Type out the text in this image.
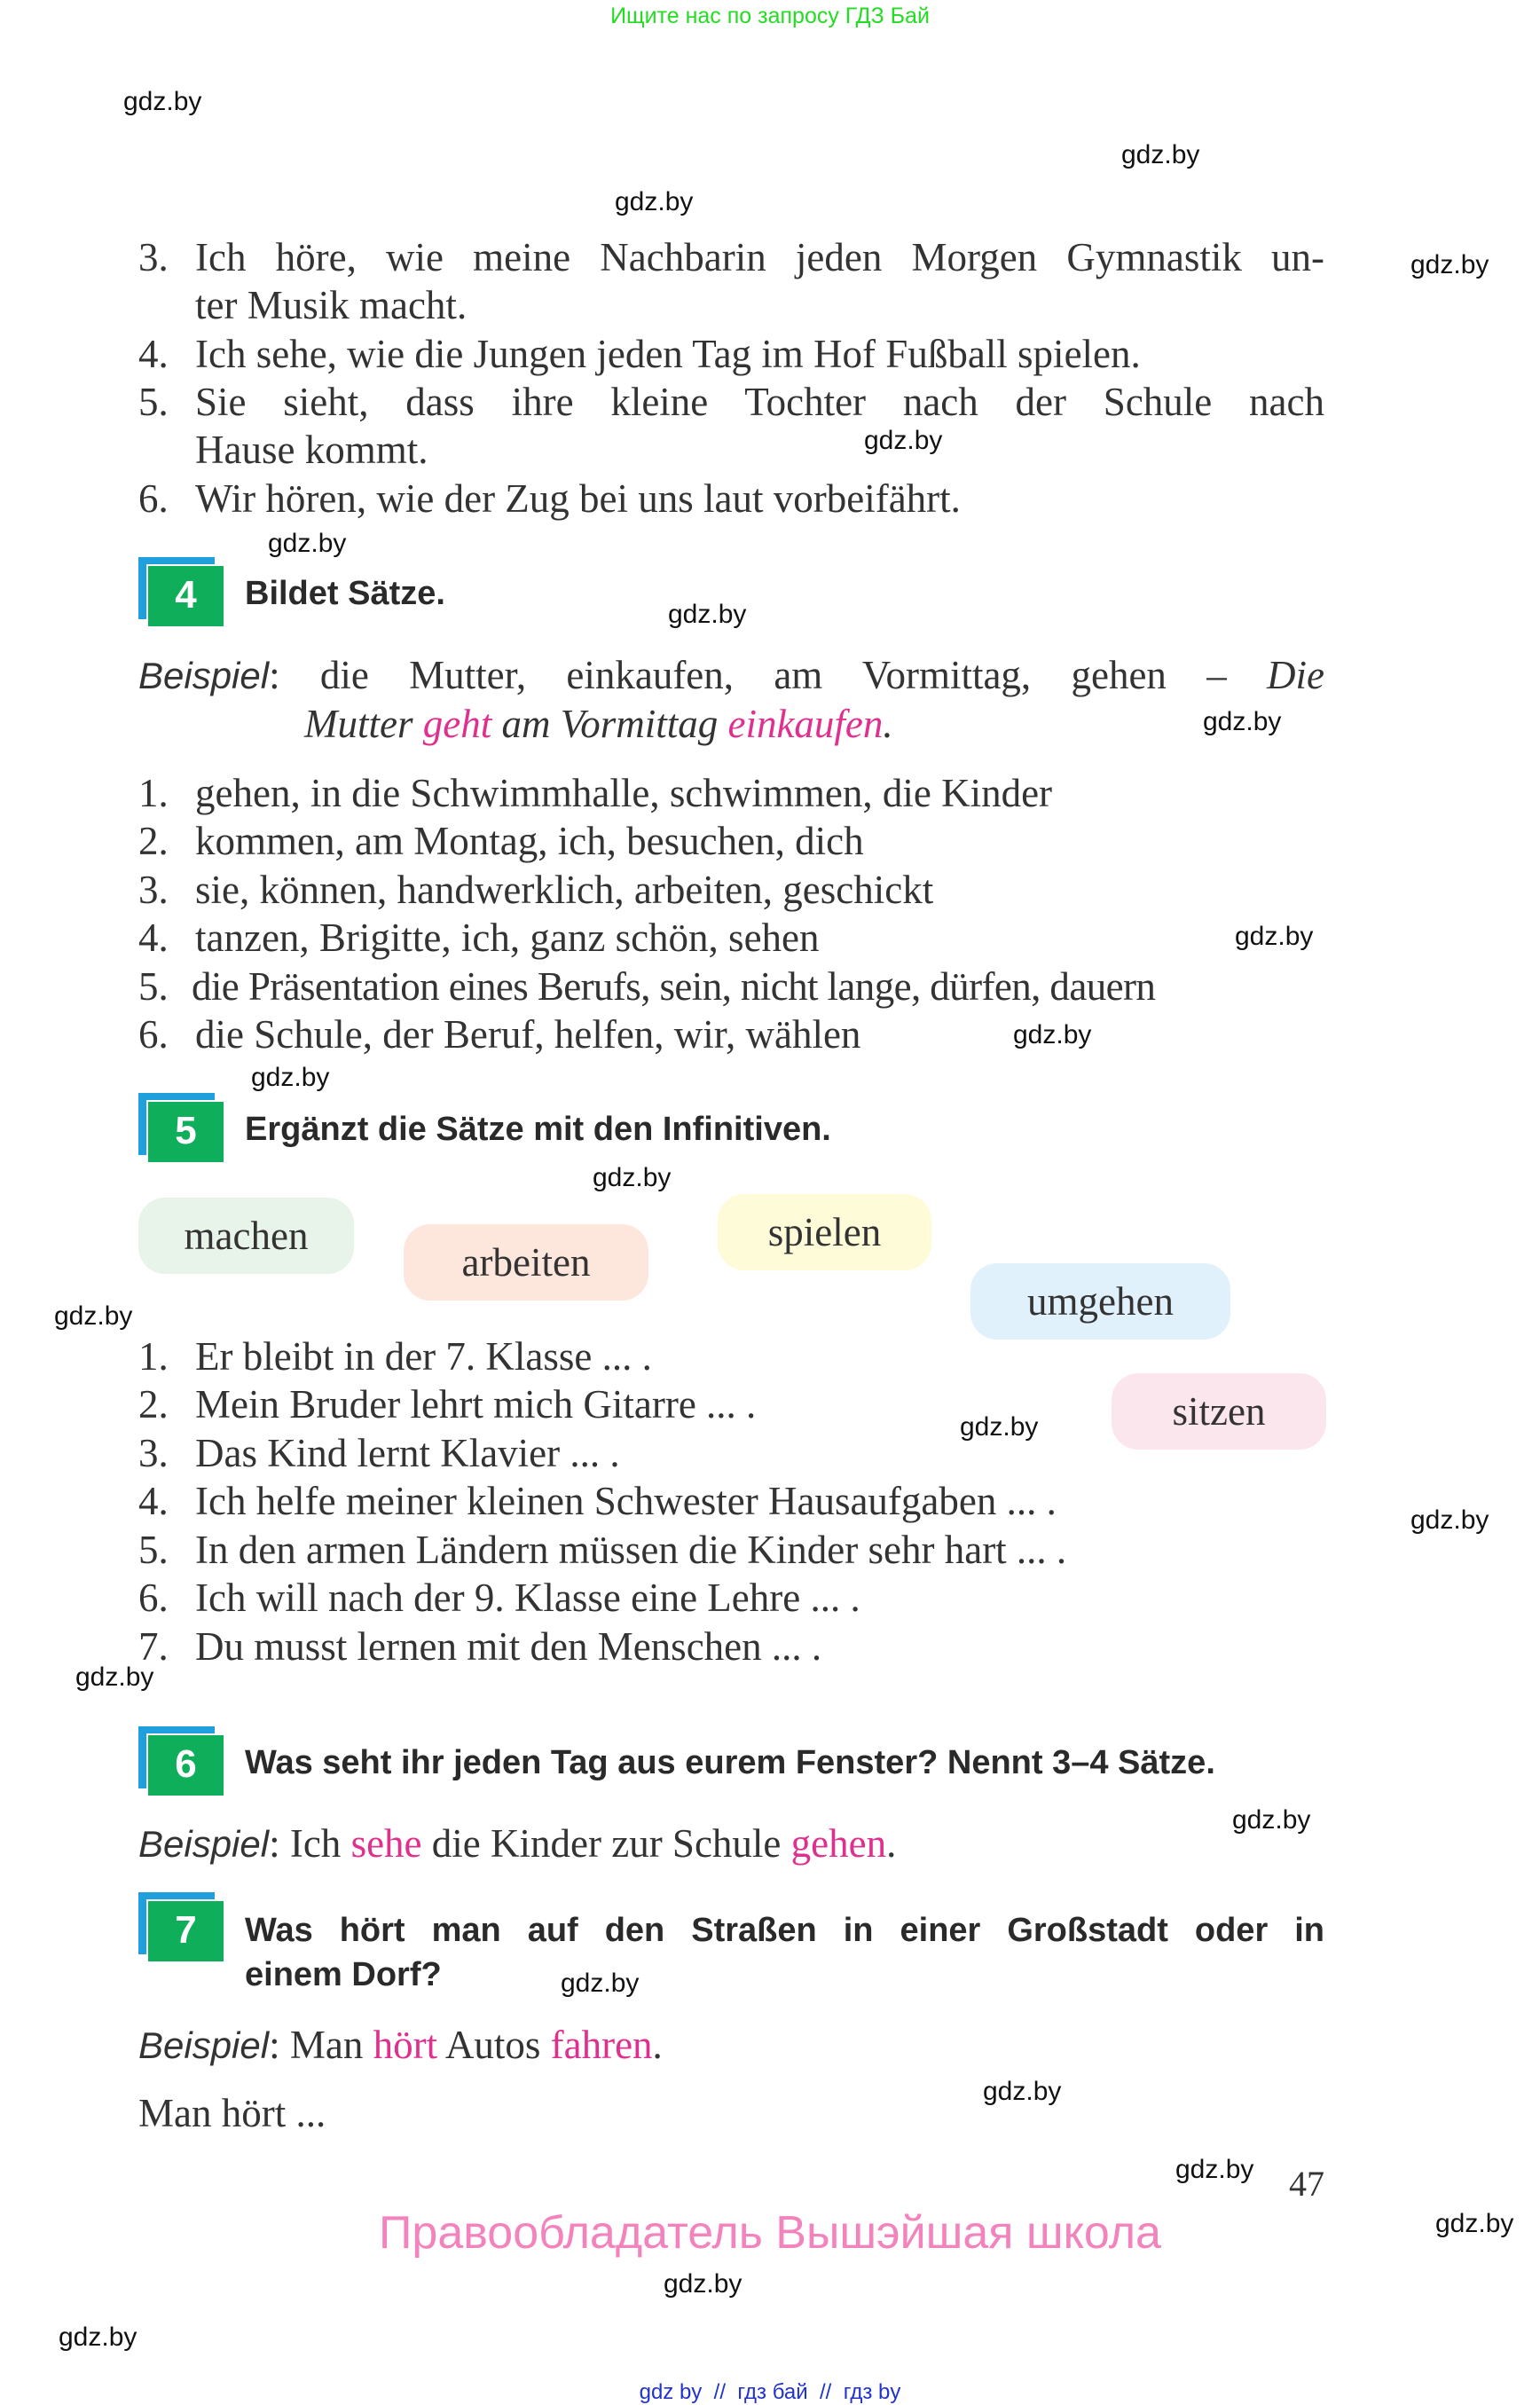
Ищите нас по запросу ГДЗ Бай
gdz.by
gdz.by
gdz.by
gdz.by
gdz.by
gdz.by
gdz.by
gdz.by
gdz.by
gdz.by
gdz.by
gdz.by
gdz.by
gdz.by
gdz.by
gdz.by
gdz.by
gdz.by
gdz.by
gdz.by
gdz.by
gdz.by
gdz.by
3. Ich höre, wie meine Nachbarin jeden Morgen Gymnastik un-
ter Musik macht.
4. Ich sehe, wie die Jungen jeden Tag im Hof Fußball spielen.
5. Sie sieht, dass ihre kleine Tochter nach der Schule nach
Hause kommt.
6. Wir hören, wie der Zug bei uns laut vorbeifährt.
4	Bildet Sätze.
Beispiel: die Mutter, einkaufen, am Vormittag, gehen – Die
Mutter geht am Vormittag einkaufen.
1. gehen, in die Schwimmhalle, schwimmen, die Kinder
2. kommen, am Montag, ich, besuchen, dich
3. sie, können, handwerklich, arbeiten, geschickt
4. tanzen, Brigitte, ich, ganz schön, sehen
5. die Präsentation eines Berufs, sein, nicht lange, dürfen, dauern
6. die Schule, der Beruf, helfen, wir, wählen
5	Ergänzt die Sätze mit den Infinitiven.
machen
arbeiten
spielen
umgehen
sitzen
1. Er bleibt in der 7. Klasse ... .
2. Mein Bruder lehrt mich Gitarre ... .
3. Das Kind lernt Klavier ... .
4. Ich helfe meiner kleinen Schwester Hausaufgaben ... .
5. In den armen Ländern müssen die Kinder sehr hart ... .
6. Ich will nach der 9. Klasse eine Lehre ... .
7. Du musst lernen mit den Menschen ... .
6	Was seht ihr jeden Tag aus eurem Fenster? Nennt 3–4 Sätze.
Beispiel: Ich sehe die Kinder zur Schule gehen.
7	Was hört man auf den Straßen in einer Großstadt oder in
einem Dorf?
Beispiel: Man hört Autos fahren.
Man hört ...
47
Правообладатель Вышэйшая школа
gdz by // гдз бай // гдз by
